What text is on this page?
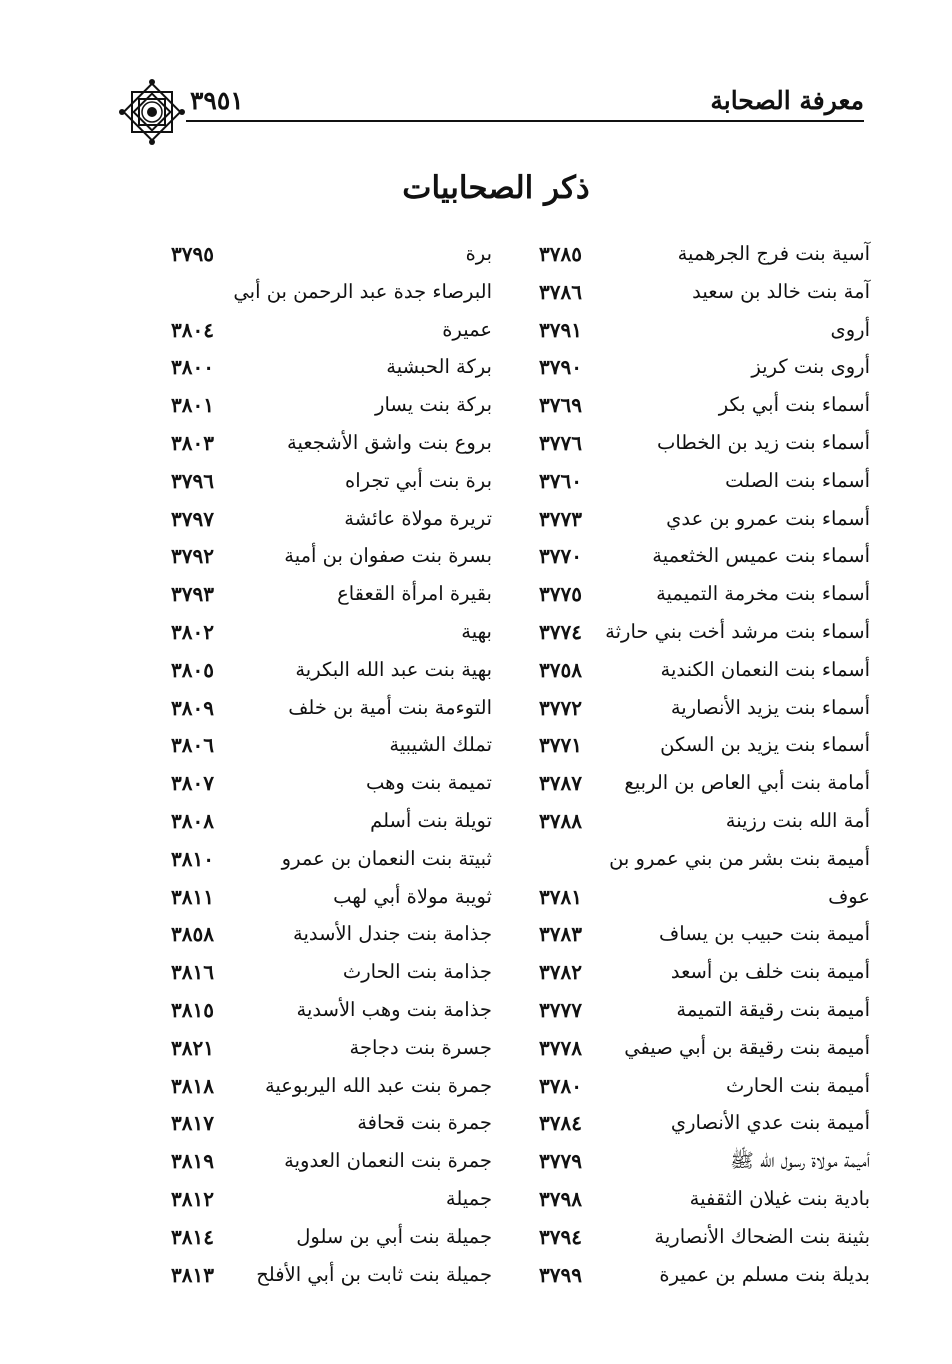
معرفة الصحابة
٣٩٥١
ذكر الصحابيات
آسية بنت فرج الجرهمية
٣٧٨٥
برة
٣٧٩٥
آمة بنت خالد بن سعيد
٣٧٨٦
البرصاء جدة عبد الرحمن بن أبي
أروى
٣٧٩١
عميرة
٣٨٠٤
أروى بنت كريز
٣٧٩٠
بركة الحبشية
٣٨٠٠
أسماء بنت أبي بكر
٣٧٦٩
بركة بنت يسار
٣٨٠١
أسماء بنت زيد بن الخطاب
٣٧٧٦
بروع بنت واشق الأشجعية
٣٨٠٣
أسماء بنت الصلت
٣٧٦٠
برة بنت أبي تجراه
٣٧٩٦
أسماء بنت عمرو بن عدي
٣٧٧٣
تريرة مولاة عائشة
٣٧٩٧
أسماء بنت عميس الخثعمية
٣٧٧٠
بسرة بنت صفوان بن أمية
٣٧٩٢
أسماء بنت مخرمة التميمية
٣٧٧٥
بقيرة امرأة القعقاع
٣٧٩٣
أسماء بنت مرشد أخت بني حارثة
٣٧٧٤
بهية
٣٨٠٢
أسماء بنت النعمان الكندية
٣٧٥٨
بهية بنت عبد الله البكرية
٣٨٠٥
أسماء بنت يزيد الأنصارية
٣٧٧٢
التوءمة بنت أمية بن خلف
٣٨٠٩
أسماء بنت يزيد بن السكن
٣٧٧١
تملك الشيبية
٣٨٠٦
أمامة بنت أبي العاص بن الربيع
٣٧٨٧
تميمة بنت وهب
٣٨٠٧
أمة الله بنت رزينة
٣٧٨٨
تويلة بنت أسلم
٣٨٠٨
أميمة بنت بشر من بني عمرو بن
ثبيتة بنت النعمان بن عمرو
٣٨١٠
عوف
٣٧٨١
ثويبة مولاة أبي لهب
٣٨١١
أميمة بنت حبيب بن يساف
٣٧٨٣
جذامة بنت جندل الأسدية
٣٨٥٨
أميمة بنت خلف بن أسعد
٣٧٨٢
جذامة بنت الحارث
٣٨١٦
أميمة بنت رقيقة التميمة
٣٧٧٧
جذامة بنت وهب الأسدية
٣٨١٥
أميمة بنت رقيقة بن أبي صيفي
٣٧٧٨
جسرة بنت دجاجة
٣٨٢١
أميمة بنت الحارث
٣٧٨٠
جمرة بنت عبد الله اليربوعية
٣٨١٨
أميمة بنت عدي الأنصاري
٣٧٨٤
جمرة بنت قحافة
٣٨١٧
أميمة مولاة رسول الله ﷺ
٣٧٧٩
جمرة بنت النعمان العدوية
٣٨١٩
بادية بنت غيلان الثقفية
٣٧٩٨
جميلة
٣٨١٢
بثينة بنت الضحاك الأنصارية
٣٧٩٤
جميلة بنت أبي بن سلول
٣٨١٤
بديلة بنت مسلم بن عميرة
٣٧٩٩
جميلة بنت ثابت بن أبي الأفلح
٣٨١٣
